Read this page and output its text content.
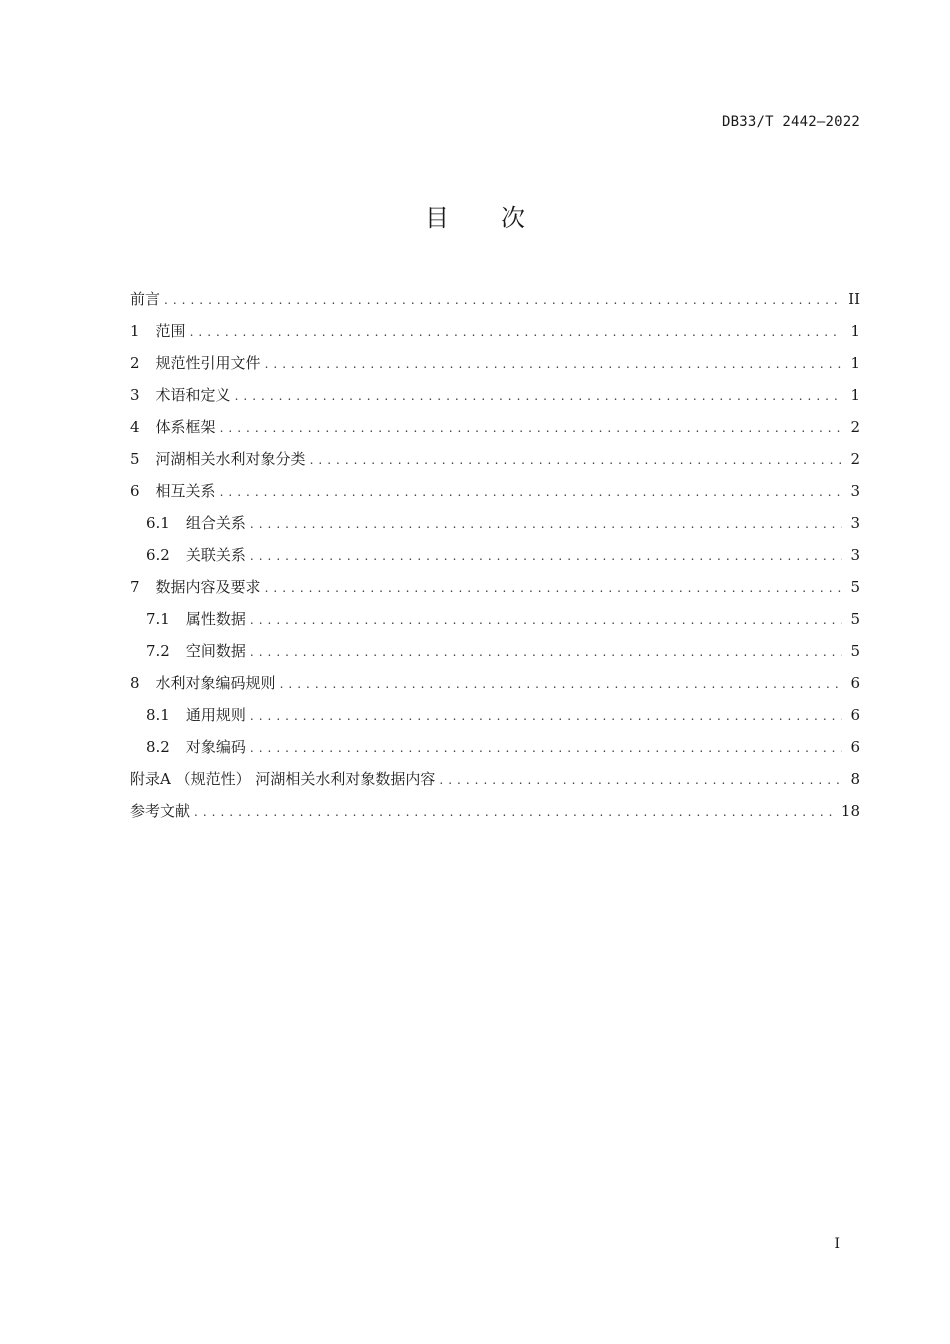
DB33/T 2442—2022
目 次
前言 .....	II
1 范围 .....	1
2 规范性引用文件 .....	1
3 术语和定义 .....	1
4 体系框架 .....	2
5 河湖相关水利对象分类 .....	2
6 相互关系 .....	3
6.1 组合关系 .....	3
6.2 关联关系 .....	3
7 数据内容及要求 .....	5
7.1 属性数据 .....	5
7.2 空间数据 .....	5
8 水利对象编码规则 .....	6
8.1 通用规则 .....	6
8.2 对象编码 .....	6
附录A （规范性） 河湖相关水利对象数据内容 .....	8
参考文献 .....	18
I
